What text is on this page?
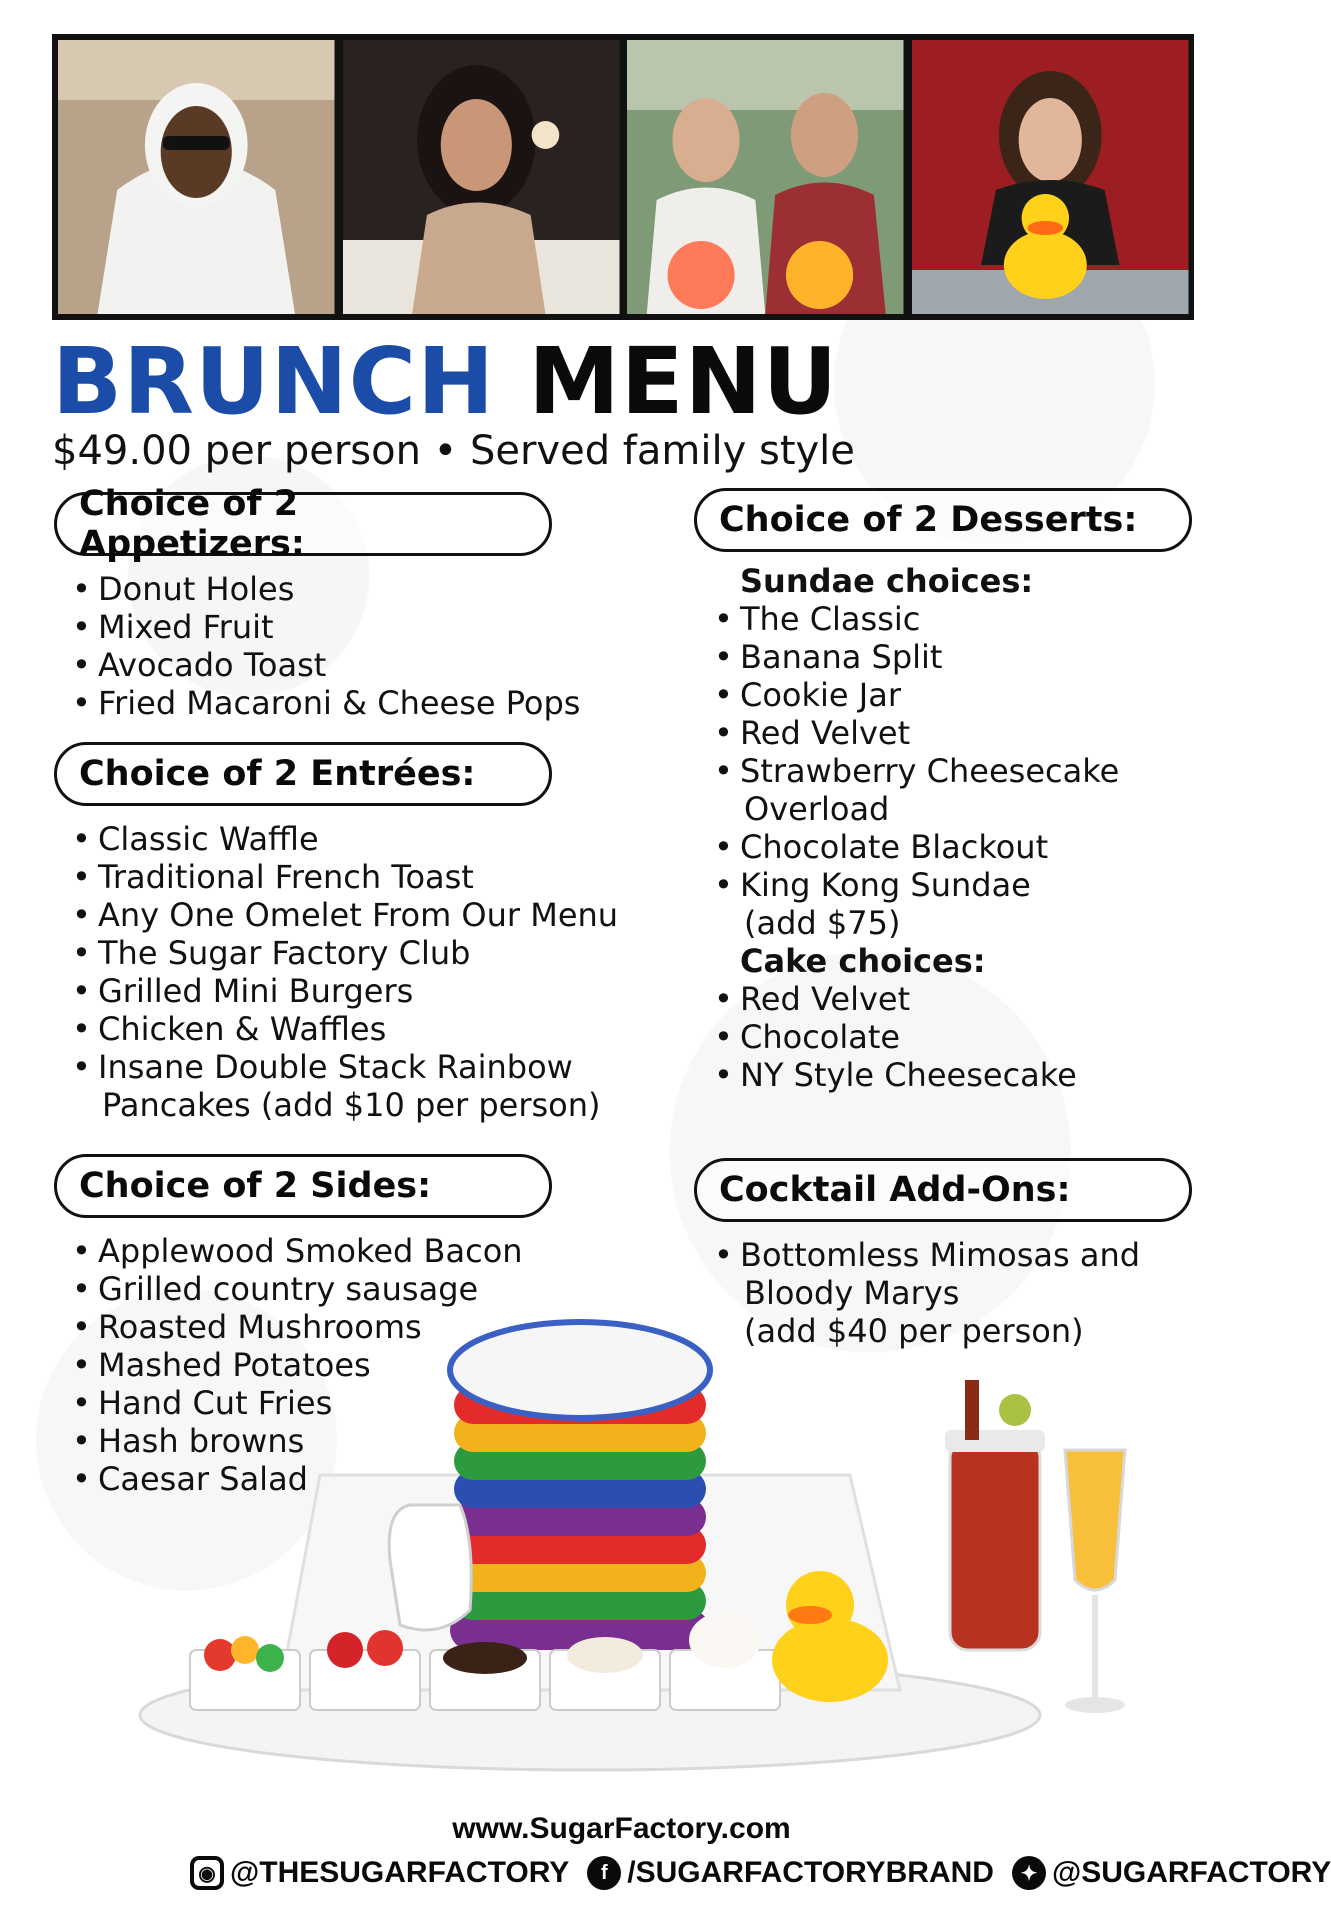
BRUNCH MENU
$49.00 per person • Served family style
Choice of 2 Appetizers:
• Donut Holes
• Mixed Fruit
• Avocado Toast
• Fried Macaroni & Cheese Pops
Choice of 2 Entrées:
• Classic Waffle
• Traditional French Toast
• Any One Omelet From Our Menu
• The Sugar Factory Club
• Grilled Mini Burgers
• Chicken & Waffles
• Insane Double Stack Rainbow
Pancakes (add $10 per person)
Choice of 2 Sides:
• Applewood Smoked Bacon
• Grilled country sausage
• Roasted Mushrooms
• Mashed Potatoes
• Hand Cut Fries
• Hash browns
• Caesar Salad
Choice of 2 Desserts:
Sundae choices:
• The Classic
• Banana Split
• Cookie Jar
• Red Velvet
• Strawberry Cheesecake
Overload
• Chocolate Blackout
• King Kong Sundae
(add $75)
Cake choices:
• Red Velvet
• Chocolate
• NY Style Cheesecake
Cocktail Add-Ons:
• Bottomless Mimosas and
Bloody Marys
(add $40 per person)
www.SugarFactory.com
◉ @THESUGARFACTORY	f /SUGARFACTORYBRAND	✦ @SUGARFACTORY
